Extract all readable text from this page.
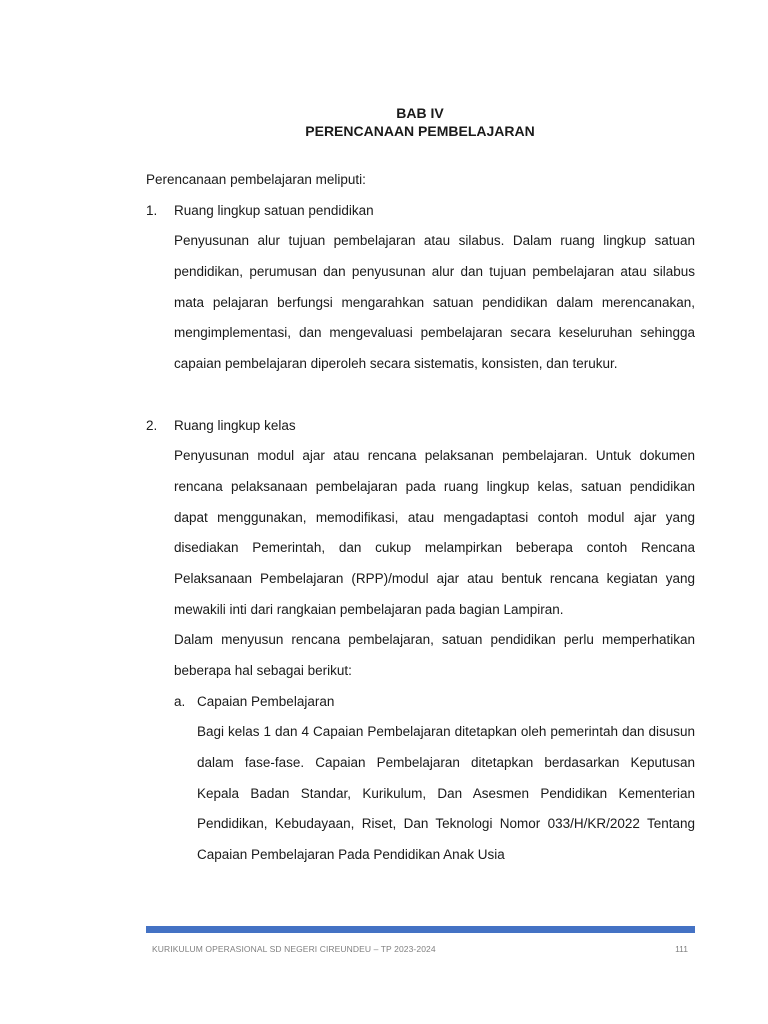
BAB IV
PERENCANAAN PEMBELAJARAN
Perencanaan pembelajaran meliputi:
1. Ruang lingkup satuan pendidikan
Penyusunan alur tujuan pembelajaran atau silabus. Dalam ruang lingkup satuan pendidikan, perumusan dan penyusunan alur dan tujuan pembelajaran atau silabus mata pelajaran berfungsi mengarahkan satuan pendidikan dalam merencanakan, mengimplementasi, dan mengevaluasi pembelajaran secara keseluruhan sehingga capaian pembelajaran diperoleh secara sistematis, konsisten, dan terukur.
2. Ruang lingkup kelas
Penyusunan modul ajar atau rencana pelaksanan pembelajaran. Untuk dokumen rencana pelaksanaan pembelajaran pada ruang lingkup kelas, satuan pendidikan dapat menggunakan, memodifikasi, atau mengadaptasi contoh modul ajar yang disediakan Pemerintah, dan cukup melampirkan beberapa contoh Rencana Pelaksanaan Pembelajaran (RPP)/modul ajar atau bentuk rencana kegiatan yang mewakili inti dari rangkaian pembelajaran pada bagian Lampiran.
Dalam menyusun rencana pembelajaran, satuan pendidikan perlu memperhatikan beberapa hal sebagai berikut:
a. Capaian Pembelajaran
Bagi kelas 1 dan 4 Capaian Pembelajaran ditetapkan oleh pemerintah dan disusun dalam fase-fase. Capaian Pembelajaran ditetapkan berdasarkan Keputusan Kepala Badan Standar, Kurikulum, Dan Asesmen Pendidikan Kementerian Pendidikan, Kebudayaan, Riset, Dan Teknologi Nomor 033/H/KR/2022 Tentang Capaian Pembelajaran Pada Pendidikan Anak Usia
KURIKULUM OPERASIONAL SD NEGERI CIREUNDEU – TP 2023-2024	111
